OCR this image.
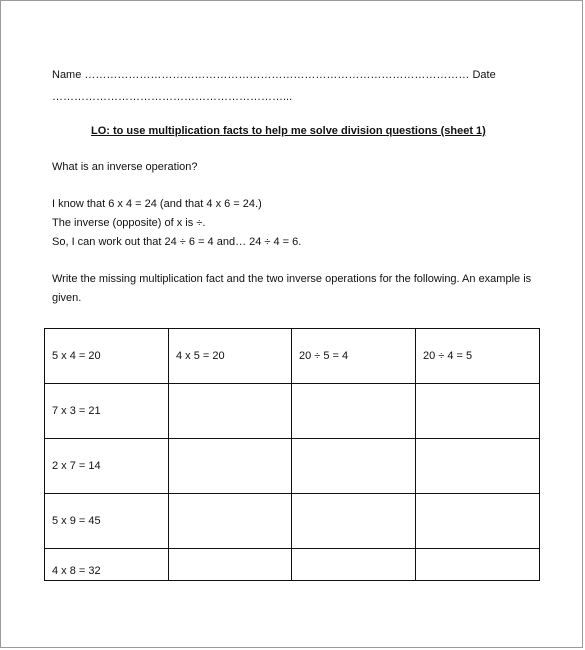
Name …………………………………………………………………………………………… Date
………………………………………………………...
LO: to use multiplication facts to help me solve division questions (sheet 1)
What is an inverse operation?
I know that 6 x 4 = 24 (and that 4 x 6 = 24.)
The inverse (opposite) of x is ÷.
So, I can work out that 24 ÷ 6 = 4 and… 24 ÷ 4 = 6.
Write the missing multiplication fact and the two inverse operations for the following. An example is
given.
5 x 4 = 20	4 x 5 = 20	20 ÷ 5 = 4	20 ÷ 4 = 5
7 x 3 = 21			
2 x 7 = 14			
5 x 9 = 45			
4 x 8 = 32			
